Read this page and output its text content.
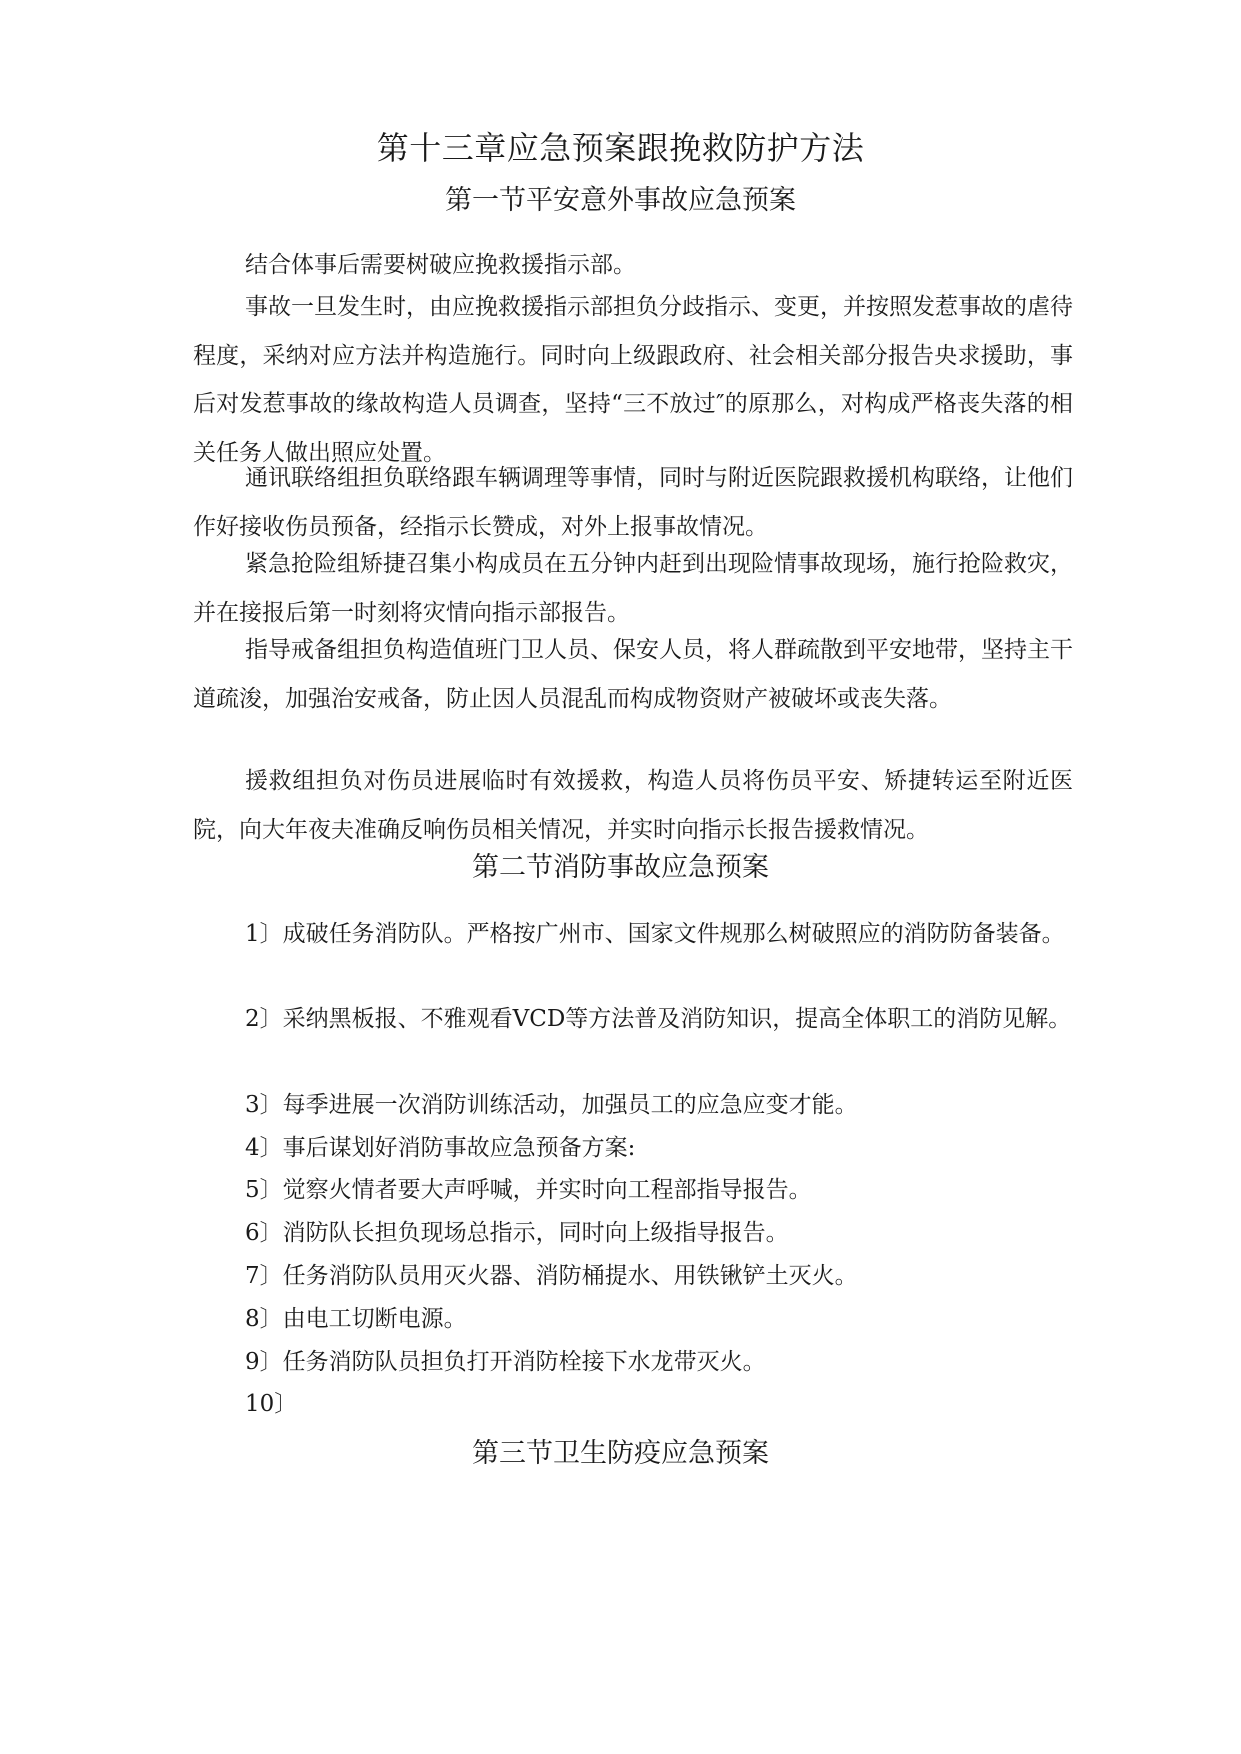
第十三章应急预案跟挽救防护方法
第一节平安意外事故应急预案

结合体事后需要树破应挽救援指示部。

事故一旦发生时，由应挽救援指示部担负分歧指示、变更，并按照发惹事故的虐待程度，采纳对应方法并构造施行。同时向上级跟政府、社会相关部分报告央求援助，事后对发惹事故的缘故构造人员调查，坚持“三不放过″的原那么，对构成严格丧失落的相关任务人做出照应处置。

通讯联络组担负联络跟车辆调理等事情，同时与附近医院跟救援机构联络，让他们作好接收伤员预备，经指示长赞成，对外上报事故情况。

紧急抢险组矫捷召集小构成员在五分钟内赶到出现险情事故现场，施行抢险救灾，并在接报后第一时刻将灾情向指示部报告。

指导戒备组担负构造值班门卫人员、保安人员，将人群疏散到平安地带，坚持主干道疏浚，加强治安戒备，防止因人员混乱而构成物资财产被破坏或丧失落。

援救组担负对伤员进展临时有效援救，构造人员将伤员平安、矫捷转运至附近医院，向大年夜夫准确反响伤员相关情况，并实时向指示长报告援救情况。

第二节消防事故应急预案

1〕成破任务消防队。严格按广州市、国家文件规那么树破照应的消防防备装备。

2〕采纳黑板报、不雅观看VCD等方法普及消防知识，提高全体职工的消防见解。

3〕每季进展一次消防训练活动，加强员工的应急应变才能。

4〕事后谋划好消防事故应急预备方案:

5〕觉察火情者要大声呼喊，并实时向工程部指导报告。

6〕消防队长担负现场总指示，同时向上级指导报告。

7〕任务消防队员用灭火器、消防桶提水、用铁锹铲土灭火。

8〕由电工切断电源。

9〕任务消防队员担负打开消防栓接下水龙带灭火。

10〕

第三节卫生防疫应急预案
